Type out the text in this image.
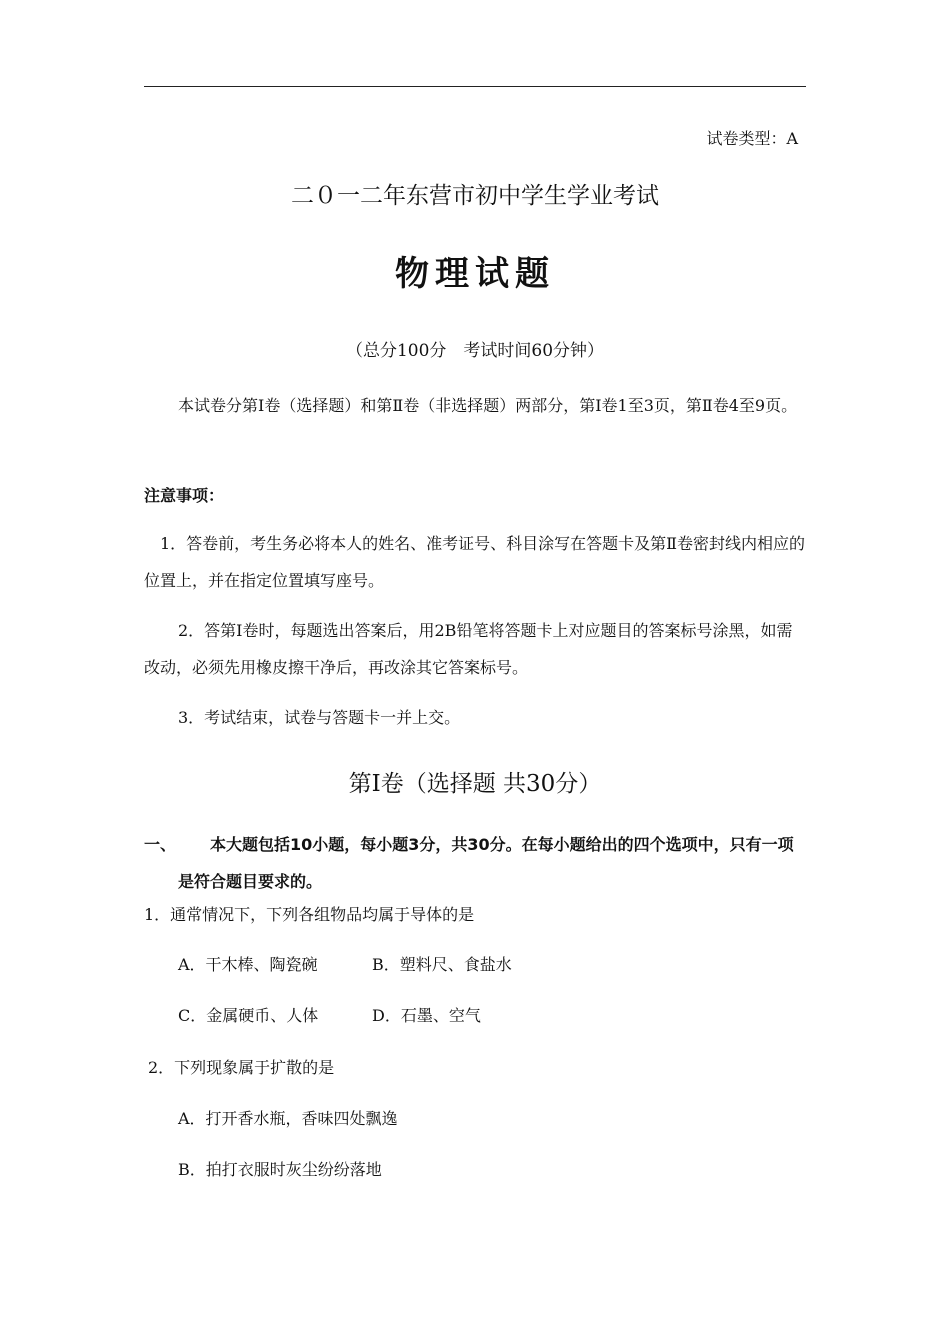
试卷类型：A
二０一二年东营市初中学生学业考试
物理试题
（总分100分　考试时间60分钟）
本试卷分第Ⅰ卷（选择题）和第Ⅱ卷（非选择题）两部分，第Ⅰ卷1至3页，第Ⅱ卷4至9页。
注意事项：
1．答卷前，考生务必将本人的姓名、准考证号、科目涂写在答题卡及第Ⅱ卷密封线内相应的位置上，并在指定位置填写座号。
2．答第Ⅰ卷时，每题选出答案后，用2B铅笔将答题卡上对应题目的答案标号涂黑，如需改动，必须先用橡皮擦干净后，再改涂其它答案标号。
3．考试结束，试卷与答题卡一并上交。
第Ⅰ卷（选择题 共30分）
一、	本大题包括10小题，每小题3分，共30分。在每小题给出的四个选项中，只有一项是符合题目要求的。
1．通常情况下，下列各组物品均属于导体的是
A．干木棒、陶瓷碗	B．塑料尺、食盐水
C．金属硬币、人体	D．石墨、空气
2．下列现象属于扩散的是
A．打开香水瓶，香味四处飘逸
B．拍打衣服时灰尘纷纷落地
